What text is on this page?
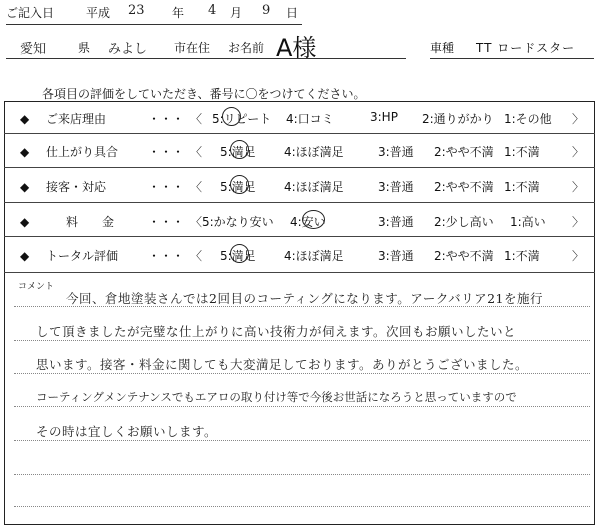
ご記入日	平成 23 年 4 月 9 日
愛知	県 みよし 市在住 お名前 A様	車種 TT ロードスター
各項目の評価をしていただき、番号に〇をつけてください。
◆ ご来店理由	・・・ 〈 5:リピート 4:口コミ	3:HP 2:通りがかり 1:その他 〉
◆ 仕上がり具合 ・・・ 〈 5:満足 4:ほぼ満足	3:普通 2:やや不満 1:不満	〉
◆ 接客・対応	・・・ 〈 5:満足 4:ほぼ満足	3:普通 2:やや不満 1:不満	〉
◆	料　　金	・・・ 〈 5:かなり安い 4:安い	3:普通 2:少し高い 1:高い 〉
◆ トータル評価 ・・・ 〈 5:満足 4:ほぼ満足	3:普通 2:やや不満 1:不満	〉
コメント
今回、倉地塗装さんでは2回目のコーティングになります。アークバリア21を施行
して頂きましたが完璧な仕上がりに高い技術力が伺えます。次回もお願いしたいと
思います。接客・料金に関しても大変満足しております。ありがとうございました。
コーティングメンテナンスでもエアロの取り付け等で今後お世話になろうと思っていますので
その時は宜しくお願いします。
